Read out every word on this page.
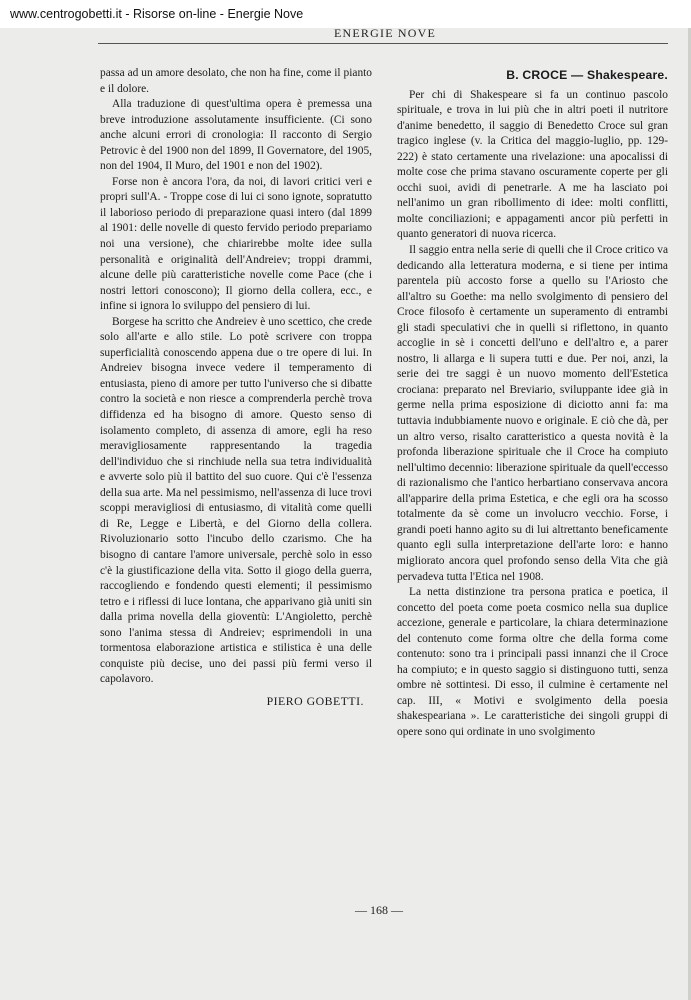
www.centrogobetti.it - Risorse on-line - Energie Nove
ENERGIE NOVE

passa ad un amore desolato, che non ha fine, come il pianto e il dolore.

Alla traduzione di quest'ultima opera è premessa una breve introduzione assolutamente insufficiente. (Ci sono anche alcuni errori di cronologia: Il racconto di Sergio Petrovic è del 1900 non del 1899, Il Governatore, del 1905, non del 1904, Il Muro, del 1901 e non del 1902).

Forse non è ancora l'ora, da noi, di lavori critici veri e propri sull'A. - Troppe cose di lui ci sono ignote, sopratutto il laborioso periodo di preparazione quasi intero (dal 1899 al 1901: delle novelle di questo fervido periodo prepariamo noi una versione), che chiarirebbe molte idee sulla personalità e originalità dell'Andreiev; troppi drammi, alcune delle più caratteristiche novelle come Pace (che i nostri lettori conoscono); Il giorno della collera, ecc., e infine si ignora lo sviluppo del pensiero di lui.

Borgese ha scritto che Andreiev è uno scettico, che crede solo all'arte e allo stile. Lo potè scrivere con troppa superficialità conoscendo appena due o tre opere di lui. In Andreiev bisogna invece vedere il temperamento di entusiasta, pieno di amore per tutto l'universo che si dibatte contro la società e non riesce a comprenderla perchè trova diffidenza ed ha bisogno di amore. Questo senso di isolamento completo, di assenza di amore, egli ha reso meravigliosamente rappresentando la tragedia dell'individuo che si rinchiude nella sua tetra individualità e avverte solo più il battito del suo cuore. Qui c'è l'essenza della sua arte. Ma nel pessimismo, nell'assenza di luce trovi scoppi meravigliosi di entusiasmo, di vitalità come quelli di Re, Legge e Libertà, e del Giorno della collera. Rivoluzionario sotto l'incubo dello czarismo. Che ha bisogno di cantare l'amore universale, perchè solo in esso c'è la giustificazione della vita. Sotto il giogo della guerra, raccogliendo e fondendo questi elementi; il pessimismo tetro e i riflessi di luce lontana, che apparivano già uniti sin dalla prima novella della gioventù: L'Angioletto, perchè sono l'anima stessa di Andreiev; esprimendoli in una tormentosa elaborazione artistica e stilistica è una delle conquiste più decise, uno dei passi più fermi verso il capolavoro.

PIERO GOBETTI.
B. CROCE — Shakespeare.

Per chi di Shakespeare si fa un continuo pascolo spirituale, e trova in lui più che in altri poeti il nutritore d'anime benedetto, il saggio di Benedetto Croce sul gran tragico inglese (v. la Critica del maggio-luglio, pp. 129-222) è stato certamente una rivelazione: una apocalissi di molte cose che prima stavano oscuramente coperte per gli occhi suoi, avidi di penetrarle. A me ha lasciato poi nell'animo un gran ribollimento di idee: molti conflitti, molte conciliazioni; e appagamenti ancor più perfetti in quanto generatori di nuova ricerca.

Il saggio entra nella serie di quelli che il Croce critico va dedicando alla letteratura moderna, e si tiene per intima parentela più accosto forse a quello su l'Ariosto che all'altro su Goethe: ma nello svolgimento di pensiero del Croce filosofo è certamente un superamento di entrambi gli stadi speculativi che in quelli si riflettono, in quanto accoglie in sè i concetti dell'uno e dell'altro e, a parer nostro, li allarga e li supera tutti e due. Per noi, anzi, la serie dei tre saggi è un nuovo momento dell'Estetica crociana: preparato nel Breviario, sviluppante idee già in germe nella prima esposizione di diciotto anni fa: ma tuttavia indubbiamente nuovo e originale. E ciò che dà, per un altro verso, risalto caratteristico a questa novità è la profonda liberazione spirituale che il Croce ha compiuto nell'ultimo decennio: liberazione spirituale da quell'eccesso di razionalismo che l'antico herbartiano conservava ancora all'apparire della prima Estetica, e che egli ora ha scosso totalmente da sè come un involucro vecchio. Forse, i grandi poeti hanno agito su di lui altrettanto beneficamente quanto egli sulla interpretazione dell'arte loro: e hanno migliorato ancora quel profondo senso della Vita che già pervadeva tutta l'Etica nel 1908.

La netta distinzione tra persona pratica e poetica, il concetto del poeta come poeta cosmico nella sua duplice accezione, generale e particolare, la chiara determinazione del contenuto come forma oltre che della forma come contenuto: sono tra i principali passi innanzi che il Croce ha compiuto; e in questo saggio si distinguono tutti, senza ombre nè sottintesi. Di esso, il culmine è certamente nel cap. III, « Motivi e svolgimento della poesia shakespeariana ». Le caratteristiche dei singoli gruppi di opere sono qui ordinate in uno svolgimento

— 168 —
